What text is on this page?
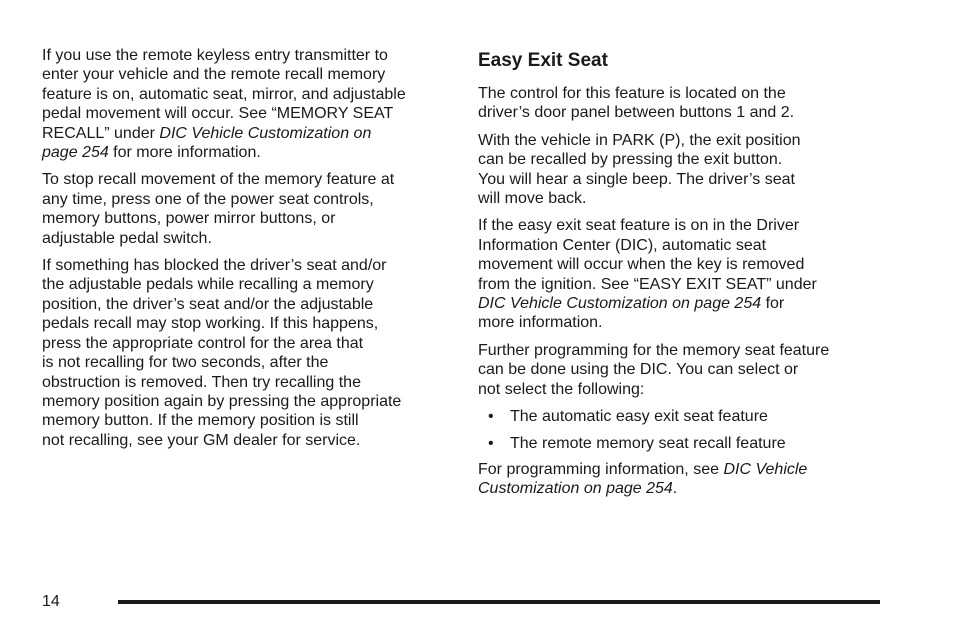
If you use the remote keyless entry transmitter to
enter your vehicle and the remote recall memory
feature is on, automatic seat, mirror, and adjustable
pedal movement will occur. See “MEMORY SEAT
RECALL” under DIC Vehicle Customization on
page 254 for more information.

To stop recall movement of the memory feature at
any time, press one of the power seat controls,
memory buttons, power mirror buttons, or
adjustable pedal switch.

If something has blocked the driver’s seat and/or
the adjustable pedals while recalling a memory
position, the driver’s seat and/or the adjustable
pedals recall may stop working. If this happens,
press the appropriate control for the area that
is not recalling for two seconds, after the
obstruction is removed. Then try recalling the
memory position again by pressing the appropriate
memory button. If the memory position is still
not recalling, see your GM dealer for service.

Easy Exit Seat

The control for this feature is located on the
driver’s door panel between buttons 1 and 2.

With the vehicle in PARK (P), the exit position
can be recalled by pressing the exit button.
You will hear a single beep. The driver’s seat
will move back.

If the easy exit seat feature is on in the Driver
Information Center (DIC), automatic seat
movement will occur when the key is removed
from the ignition. See “EASY EXIT SEAT” under
DIC Vehicle Customization on page 254 for
more information.

Further programming for the memory seat feature
can be done using the DIC. You can select or
not select the following:

• The automatic easy exit seat feature
• The remote memory seat recall feature

For programming information, see DIC Vehicle
Customization on page 254.

14
